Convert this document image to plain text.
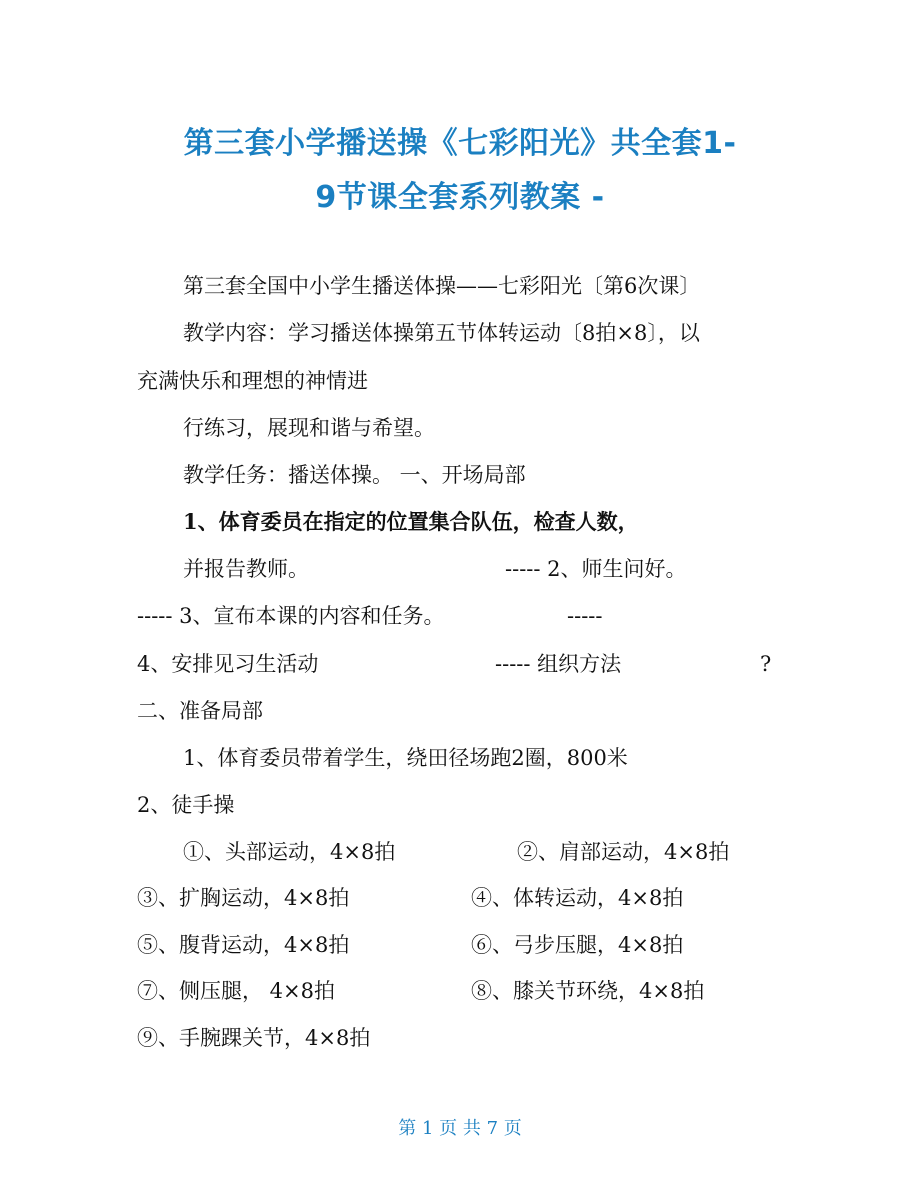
第三套小学播送操《七彩阳光》共全套1-
9节课全套系列教案 -
第三套全国中小学生播送体操——七彩阳光〔第6次课〕
教学内容：学习播送体操第五节体转运动〔8拍×8〕，以
充满快乐和理想的神情进
行练习，展现和谐与希望。
教学任务：播送体操。 一、开场局部
1、体育委员在指定的位置集合队伍，检查人数，
并报告教师。	----- 2、师生问好。
----- 3、宣布本课的内容和任务。	-----
4、安排见习生活动	----- 组织方法	?
二、准备局部
1、体育委员带着学生，绕田径场跑2圈，800米
2、徒手操
①、头部运动，4×8拍	②、肩部运动，4×8拍
③、扩胸运动，4×8拍	④、体转运动，4×8拍
⑤、腹背运动，4×8拍	⑥、弓步压腿，4×8拍
⑦、侧压腿， 4×8拍	⑧、膝关节环绕，4×8拍
⑨、手腕踝关节，4×8拍
第 1 页 共 7 页
